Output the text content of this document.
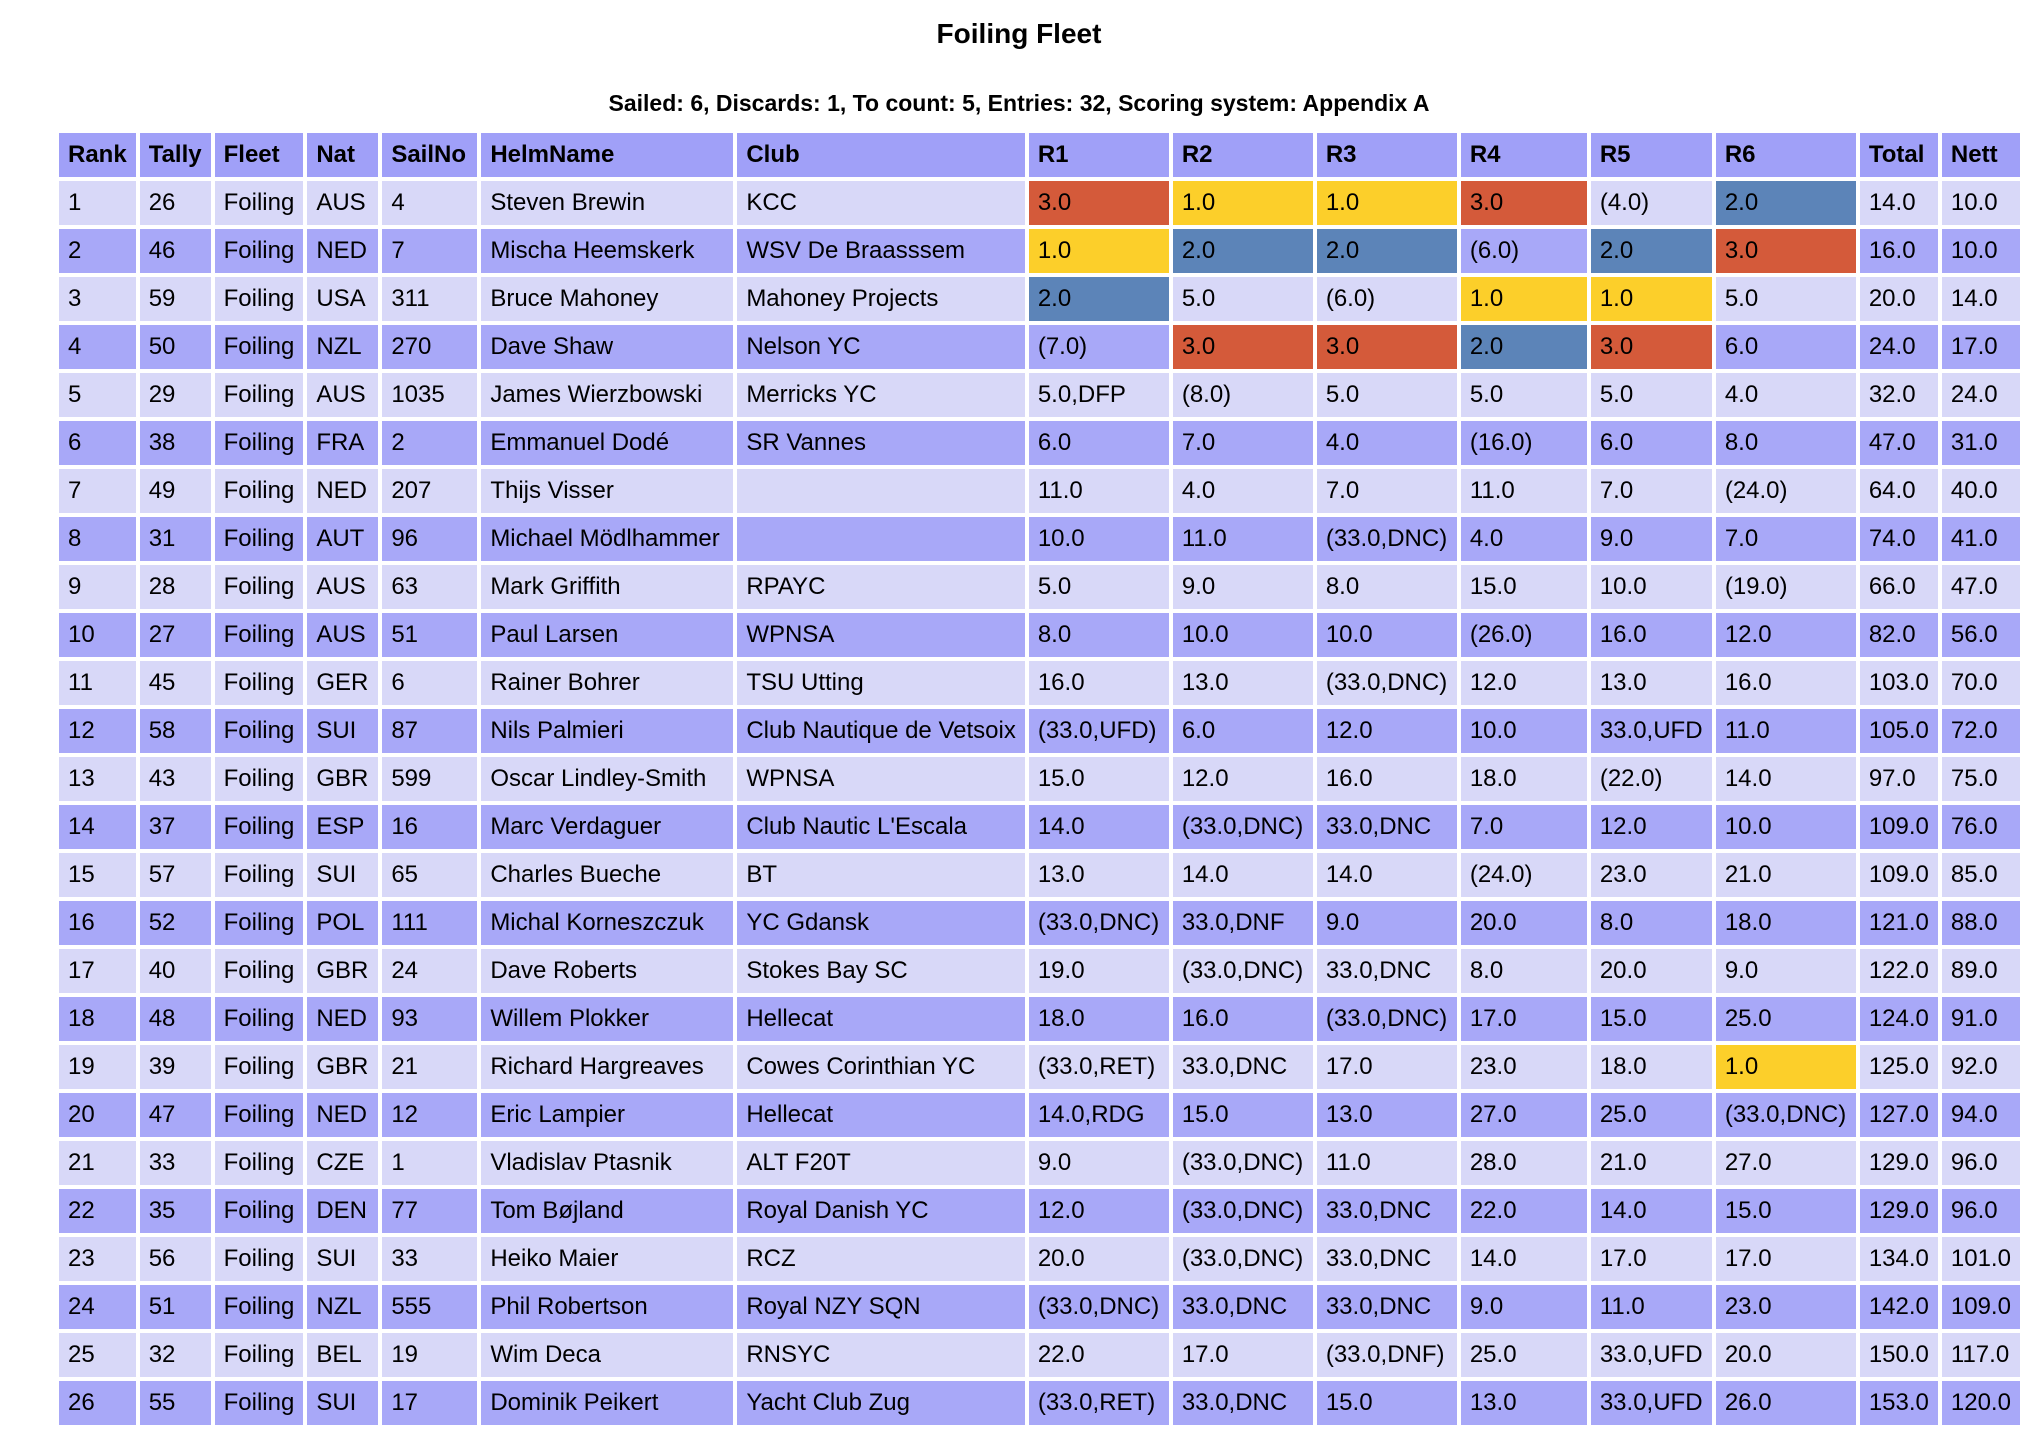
Foiling Fleet
Sailed: 6, Discards: 1, To count: 5, Entries: 32, Scoring system: Appendix A
Rank	Tally	Fleet	Nat	SailNo	HelmName	Club	R1	R2	R3	R4	R5	R6	Total	Nett
1	26	Foiling	AUS	4	Steven Brewin	KCC	3.0	1.0	1.0	3.0	(4.0)	2.0	14.0	10.0
2	46	Foiling	NED	7	Mischa Heemskerk	WSV De Braasssem	1.0	2.0	2.0	(6.0)	2.0	3.0	16.0	10.0
3	59	Foiling	USA	311	Bruce Mahoney	Mahoney Projects	2.0	5.0	(6.0)	1.0	1.0	5.0	20.0	14.0
4	50	Foiling	NZL	270	Dave Shaw	Nelson YC	(7.0)	3.0	3.0	2.0	3.0	6.0	24.0	17.0
5	29	Foiling	AUS	1035	James Wierzbowski	Merricks YC	5.0,DFP	(8.0)	5.0	5.0	5.0	4.0	32.0	24.0
6	38	Foiling	FRA	2	Emmanuel Dodé	SR Vannes	6.0	7.0	4.0	(16.0)	6.0	8.0	47.0	31.0
7	49	Foiling	NED	207	Thijs Visser		11.0	4.0	7.0	11.0	7.0	(24.0)	64.0	40.0
8	31	Foiling	AUT	96	Michael Mödlhammer		10.0	11.0	(33.0,DNC)	4.0	9.0	7.0	74.0	41.0
9	28	Foiling	AUS	63	Mark Griffith	RPAYC	5.0	9.0	8.0	15.0	10.0	(19.0)	66.0	47.0
10	27	Foiling	AUS	51	Paul Larsen	WPNSA	8.0	10.0	10.0	(26.0)	16.0	12.0	82.0	56.0
11	45	Foiling	GER	6	Rainer Bohrer	TSU Utting	16.0	13.0	(33.0,DNC)	12.0	13.0	16.0	103.0	70.0
12	58	Foiling	SUI	87	Nils Palmieri	Club Nautique de Vetsoix	(33.0,UFD)	6.0	12.0	10.0	33.0,UFD	11.0	105.0	72.0
13	43	Foiling	GBR	599	Oscar Lindley-Smith	WPNSA	15.0	12.0	16.0	18.0	(22.0)	14.0	97.0	75.0
14	37	Foiling	ESP	16	Marc Verdaguer	Club Nautic L'Escala	14.0	(33.0,DNC)	33.0,DNC	7.0	12.0	10.0	109.0	76.0
15	57	Foiling	SUI	65	Charles Bueche	BT	13.0	14.0	14.0	(24.0)	23.0	21.0	109.0	85.0
16	52	Foiling	POL	111	Michal Korneszczuk	YC Gdansk	(33.0,DNC)	33.0,DNF	9.0	20.0	8.0	18.0	121.0	88.0
17	40	Foiling	GBR	24	Dave Roberts	Stokes Bay SC	19.0	(33.0,DNC)	33.0,DNC	8.0	20.0	9.0	122.0	89.0
18	48	Foiling	NED	93	Willem Plokker	Hellecat	18.0	16.0	(33.0,DNC)	17.0	15.0	25.0	124.0	91.0
19	39	Foiling	GBR	21	Richard Hargreaves	Cowes Corinthian YC	(33.0,RET)	33.0,DNC	17.0	23.0	18.0	1.0	125.0	92.0
20	47	Foiling	NED	12	Eric Lampier	Hellecat	14.0,RDG	15.0	13.0	27.0	25.0	(33.0,DNC)	127.0	94.0
21	33	Foiling	CZE	1	Vladislav Ptasnik	ALT F20T	9.0	(33.0,DNC)	11.0	28.0	21.0	27.0	129.0	96.0
22	35	Foiling	DEN	77	Tom Bøjland	Royal Danish YC	12.0	(33.0,DNC)	33.0,DNC	22.0	14.0	15.0	129.0	96.0
23	56	Foiling	SUI	33	Heiko Maier	RCZ	20.0	(33.0,DNC)	33.0,DNC	14.0	17.0	17.0	134.0	101.0
24	51	Foiling	NZL	555	Phil Robertson	Royal NZY SQN	(33.0,DNC)	33.0,DNC	33.0,DNC	9.0	11.0	23.0	142.0	109.0
25	32	Foiling	BEL	19	Wim Deca	RNSYC	22.0	17.0	(33.0,DNF)	25.0	33.0,UFD	20.0	150.0	117.0
26	55	Foiling	SUI	17	Dominik Peikert	Yacht Club Zug	(33.0,RET)	33.0,DNC	15.0	13.0	33.0,UFD	26.0	153.0	120.0
